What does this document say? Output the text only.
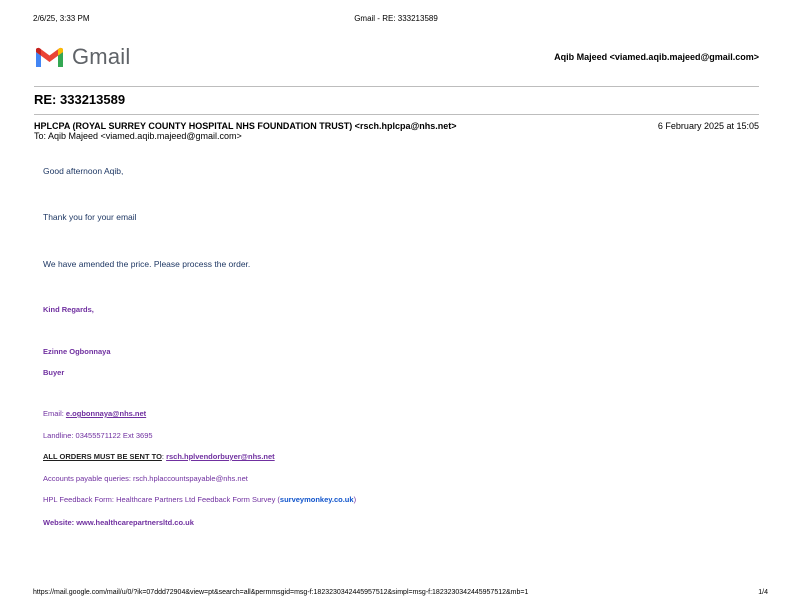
2/6/25, 3:33 PM	Gmail - RE: 333213589
Gmail	Aqib Majeed <viamed.aqib.majeed@gmail.com>
RE: 333213589
HPLCPA (ROYAL SURREY COUNTY HOSPITAL NHS FOUNDATION TRUST) <rsch.hplcpa@nhs.net>
To: Aqib Majeed <viamed.aqib.majeed@gmail.com>
6 February 2025 at 15:05
Good afternoon Aqib,
Thank you for your email
We have amended the price. Please process the order.
Kind Regards,
Ezinne Ogbonnaya
Buyer
Email: e.ogbonnaya@nhs.net
Landline: 03455571122 Ext 3695
ALL ORDERS MUST BE SENT TO: rsch.hplvendorbuyer@nhs.net
Accounts payable queries: rsch.hplaccountspayable@nhs.net
HPL Feedback Form: Healthcare Partners Ltd Feedback Form Survey (surveymonkey.co.uk)
Website: www.healthcarepartnersltd.co.uk
https://mail.google.com/mail/u/0/?ik=07ddd72904&view=pt&search=all&permmsgid=msg-f:1823230342445957512&simpl=msg-f:1823230342445957512&mb=1	1/4
